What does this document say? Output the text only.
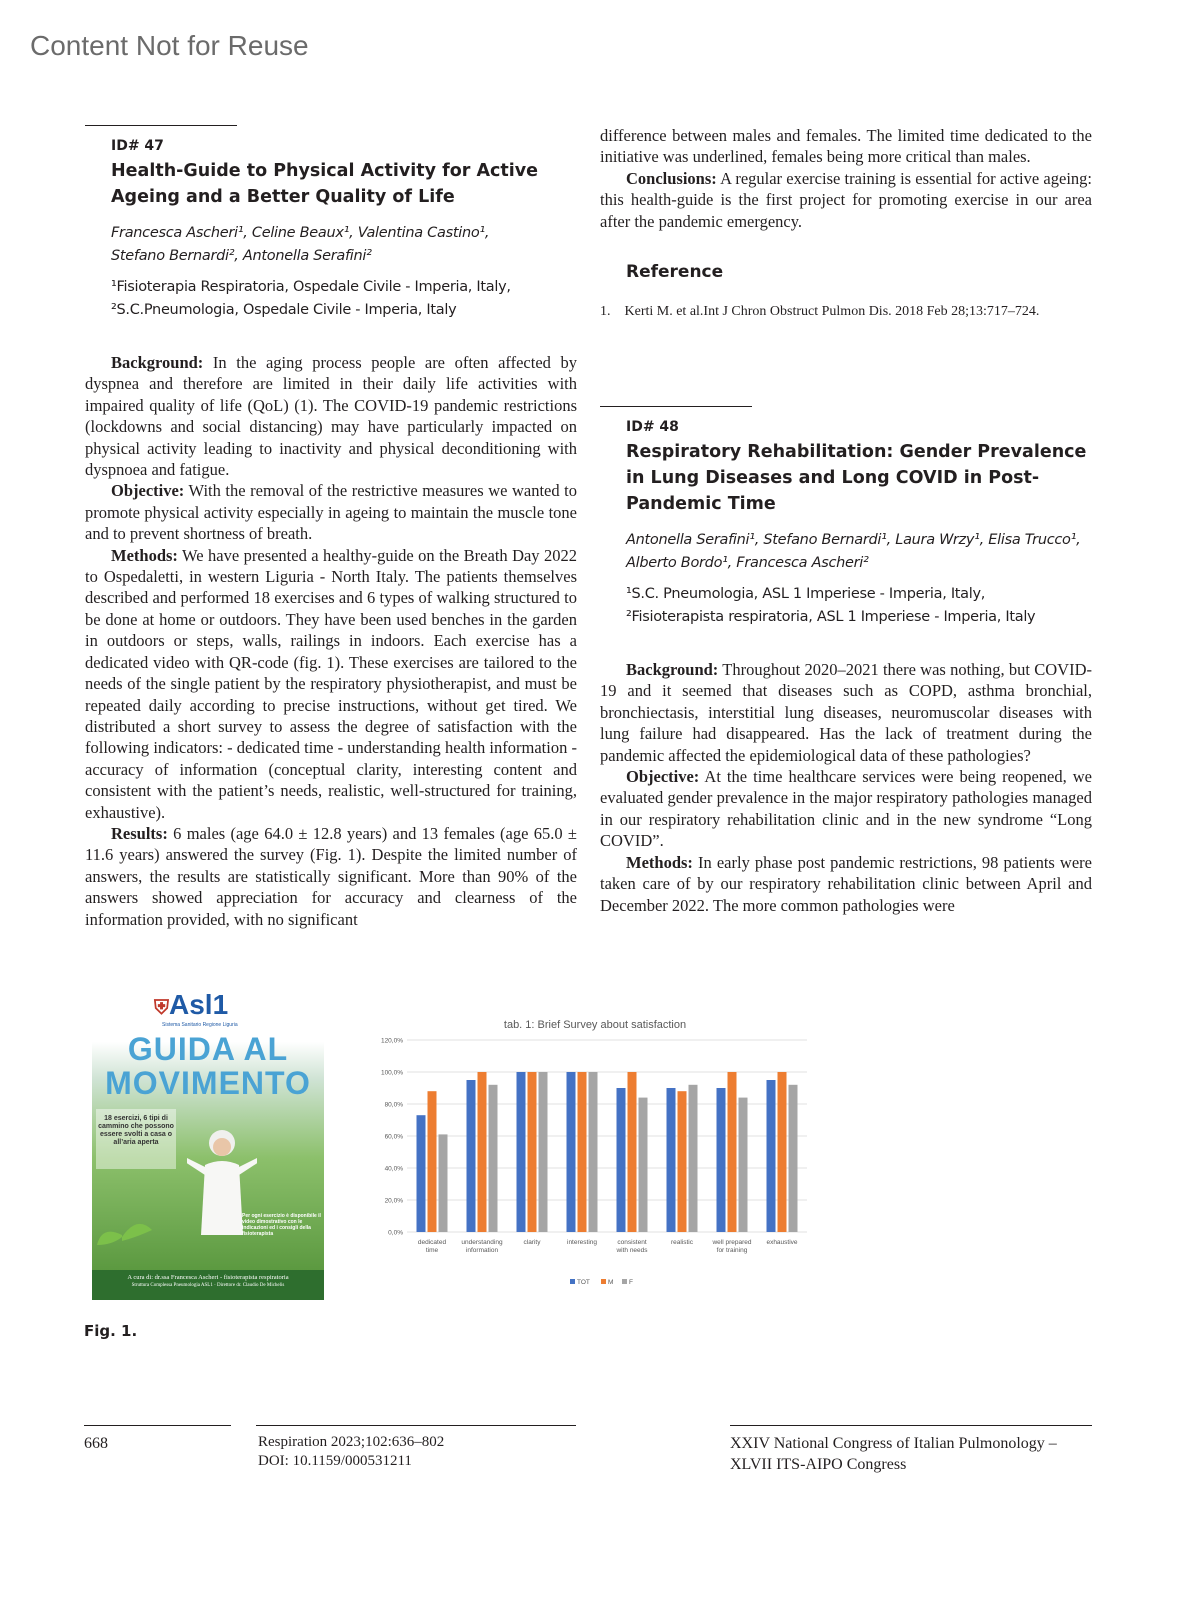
Content Not for Reuse
ID# 47
Health-Guide to Physical Activity for Active Ageing and a Better Quality of Life
Francesca Ascheri¹, Celine Beaux¹, Valentina Castino¹,
Stefano Bernardi², Antonella Serafini²
¹Fisioterapia Respiratoria, Ospedale Civile - Imperia, Italy,
²S.C.Pneumologia, Ospedale Civile - Imperia, Italy

Background: In the aging process people are often affected by dyspnea and therefore are limited in their daily life activities with impaired quality of life (QoL) (1). The COVID-19 pandemic restrictions (lockdowns and social distancing) may have particularly impacted on physical activity leading to inactivity and physical deconditioning with dyspnoea and fatigue.

Objective: With the removal of the restrictive measures we wanted to promote physical activity especially in ageing to maintain the muscle tone and to prevent shortness of breath.

Methods: We have presented a healthy-guide on the Breath Day 2022 to Ospedaletti, in western Liguria - North Italy. The patients themselves described and performed 18 exercises and 6 types of walking structured to be done at home or outdoors. They have been used benches in the garden in outdoors or steps, walls, railings in indoors. Each exercise has a dedicated video with QR-code (fig. 1). These exercises are tailored to the needs of the single patient by the respiratory physiotherapist, and must be repeated daily according to precise instructions, without get tired. We distributed a short survey to assess the degree of satisfaction with the following indicators: - dedicated time - understanding health information - accuracy of information (conceptual clarity, interesting content and consistent with the patient’s needs, realistic, well-structured for training, exhaustive).

Results: 6 males (age 64.0 ± 12.8 years) and 13 females (age 65.0 ± 11.6 years) answered the survey (Fig. 1). Despite the limited number of answers, the results are statistically significant. More than 90% of the answers showed appreciation for accuracy and clearness of the information provided, with no significant

difference between males and females. The limited time dedicated to the initiative was underlined, females being more critical than males.

Conclusions: A regular exercise training is essential for active ageing: this health-guide is the first project for promoting exercise in our area after the pandemic emergency.

Reference
1. Kerti M. et al.Int J Chron Obstruct Pulmon Dis. 2018 Feb 28;13:717–724.
ID# 48
Respiratory Rehabilitation: Gender Prevalence in Lung Diseases and Long COVID in Post-Pandemic Time
Antonella Serafini¹, Stefano Bernardi¹, Laura Wrzy¹, Elisa Trucco¹,
Alberto Bordo¹, Francesca Ascheri²
¹S.C. Pneumologia, ASL 1 Imperiese - Imperia, Italy,
²Fisioterapista respiratoria, ASL 1 Imperiese - Imperia, Italy

Background: Throughout 2020–2021 there was nothing, but COVID-19 and it seemed that diseases such as COPD, asthma bronchial, bronchiectasis, interstitial lung diseases, neuromuscolar diseases with lung failure had disappeared. Has the lack of treatment during the pandemic affected the epidemiological data of these pathologies?

Objective: At the time healthcare services were being reopened, we evaluated gender prevalence in the major respiratory pathologies managed in our respiratory rehabilitation clinic and in the new syndrome “Long COVID”.

Methods: In early phase post pandemic restrictions, 98 patients were taken care of by our respiratory rehabilitation clinic between April and December 2022. The more common pathologies were

⛨Asl1
Sistema Sanitario Regione Liguria
GUIDA AL
MOVIMENTO
18 esercizi, 6 tipi di cammino che possono essere svolti a casa o all’aria aperta
Per ogni esercizio è disponibile il video dimostrativo con le indicazioni ed i consigli della fisioterapista
A cura di: dr.ssa Francesca Ascheri - fisioterapista respiratoria
Struttura Complessa Pneumologia ASL1 · Direttore dr. Claudio De Michelis
tab. 1: Brief Survey about satisfaction
0,0%
20,0%
40,0%
60,0%
80,0%
100,0%
120,0%
dedicated time
understanding information
clarity	interesting	consistent with needs
realistic	well prepared for training
exhaustive
TOT	M F
Fig. 1.
668	Respiration 2023;102:636–802
DOI: 10.1159/000531211
XXIV National Congress of Italian Pulmonology –
XLVII ITS-AIPO Congress
